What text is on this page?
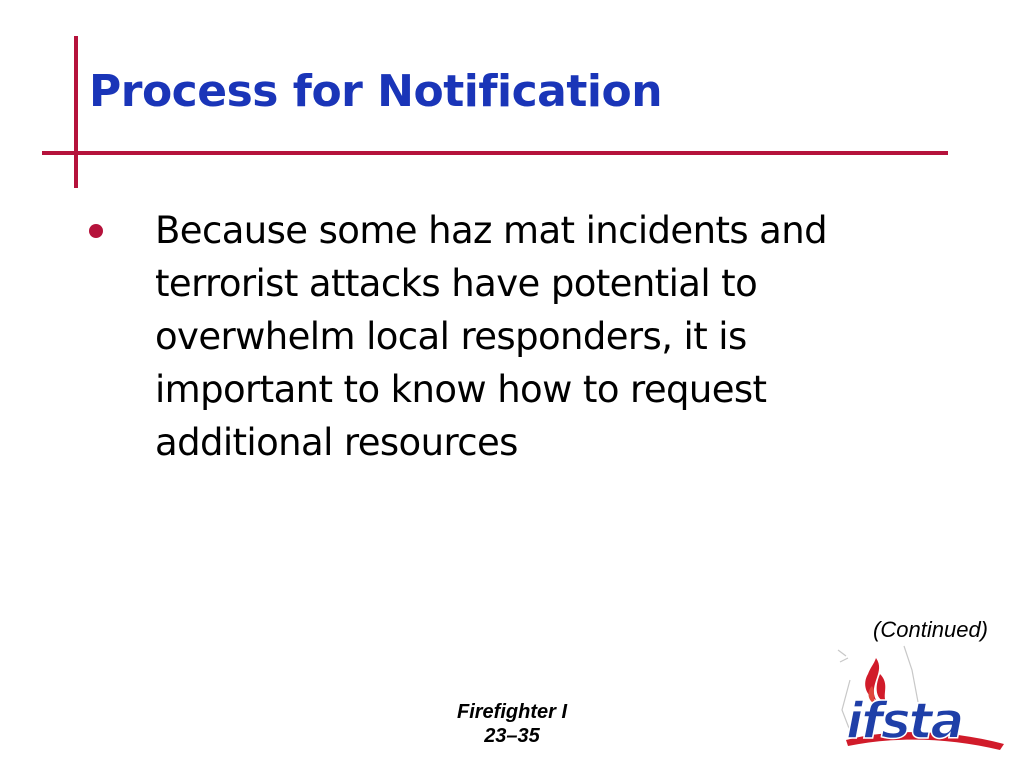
Process for Notification

Because some haz mat incidents and
terrorist attacks have potential to
overwhelm local responders, it is
important to know how to request
additional resources

(Continued)
Firefighter I
23–35	ifsta
